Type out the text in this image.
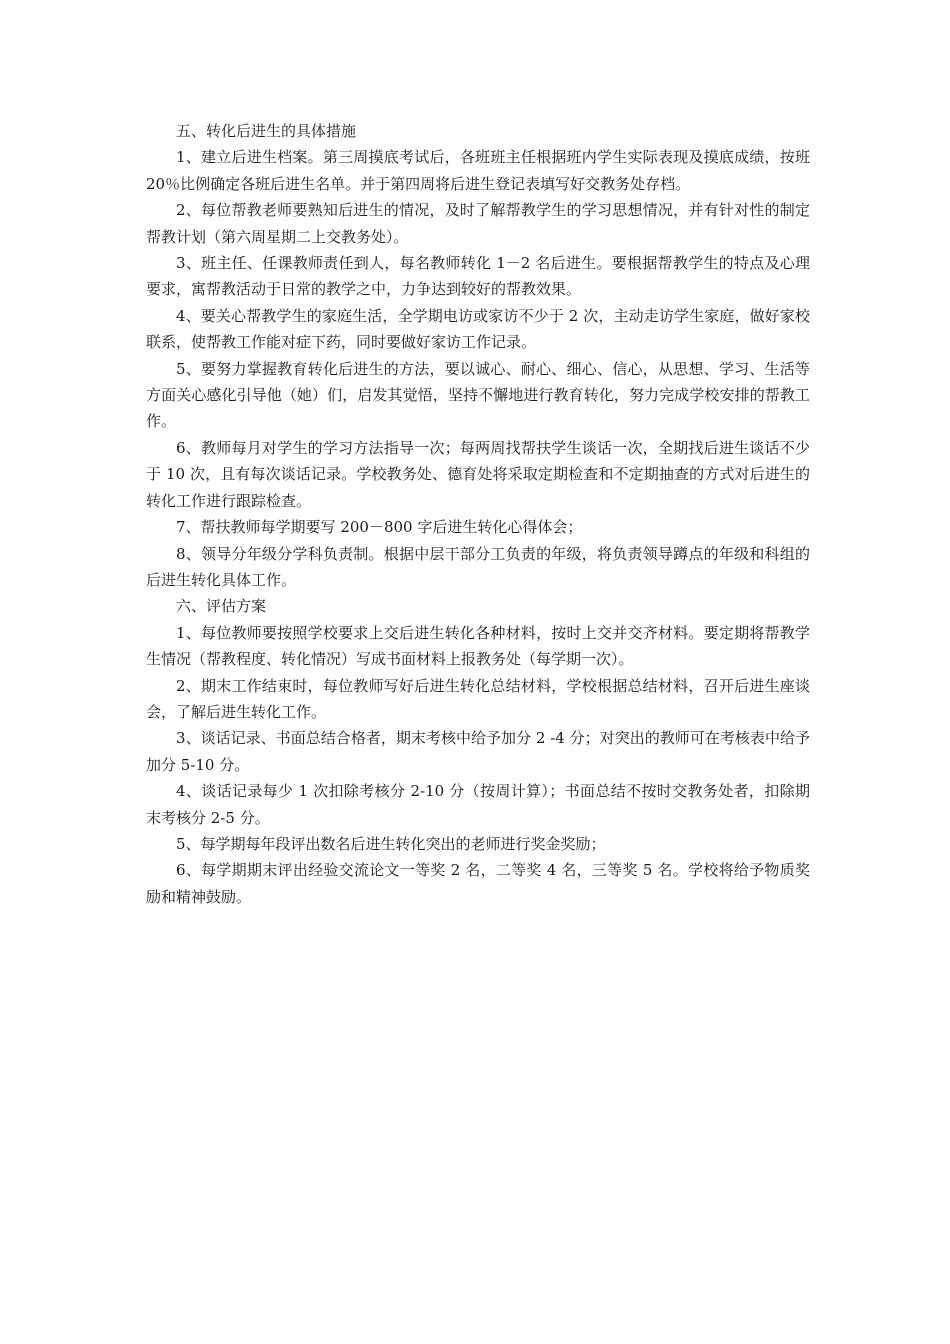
五、转化后进生的具体措施

1、建立后进生档案。第三周摸底考试后，各班班主任根据班内学生实际表现及摸底成绩，按班 20％比例确定各班后进生名单。并于第四周将后进生登记表填写好交教务处存档。

2、每位帮教老师要熟知后进生的情况，及时了解帮教学生的学习思想情况，并有针对性的制定帮教计划（第六周星期二上交教务处）。

3、班主任、任课教师责任到人，每名教师转化 1－2 名后进生。要根据帮教学生的特点及心理要求，寓帮教活动于日常的教学之中，力争达到较好的帮教效果。

4、要关心帮教学生的家庭生活，全学期电访或家访不少于 2 次，主动走访学生家庭，做好家校联系，使帮教工作能对症下药，同时要做好家访工作记录。

5、要努力掌握教育转化后进生的方法，要以诚心、耐心、细心、信心，从思想、学习、生活等方面关心感化引导他（她）们，启发其觉悟，坚持不懈地进行教育转化，努力完成学校安排的帮教工作。

6、教师每月对学生的学习方法指导一次；每两周找帮扶学生谈话一次，全期找后进生谈话不少于 10 次，且有每次谈话记录。学校教务处、德育处将采取定期检查和不定期抽查的方式对后进生的转化工作进行跟踪检查。

7、帮扶教师每学期要写 200－800 字后进生转化心得体会；

8、领导分年级分学科负责制。根据中层干部分工负责的年级，将负责领导蹲点的年级和科组的后进生转化具体工作。

六、评估方案

1、每位教师要按照学校要求上交后进生转化各种材料，按时上交并交齐材料。要定期将帮教学生情况（帮教程度、转化情况）写成书面材料上报教务处（每学期一次）。

2、期末工作结束时，每位教师写好后进生转化总结材料，学校根据总结材料，召开后进生座谈会，了解后进生转化工作。

3、谈话记录、书面总结合格者，期末考核中给予加分 2 -4 分；对突出的教师可在考核表中给予加分 5-10 分。

4、谈话记录每少 1 次扣除考核分 2-10 分（按周计算）；书面总结不按时交教务处者，扣除期末考核分 2-5 分。

5、每学期每年段评出数名后进生转化突出的老师进行奖金奖励；

6、每学期期末评出经验交流论文一等奖 2 名，二等奖 4 名，三等奖 5 名。学校将给予物质奖励和精神鼓励。
